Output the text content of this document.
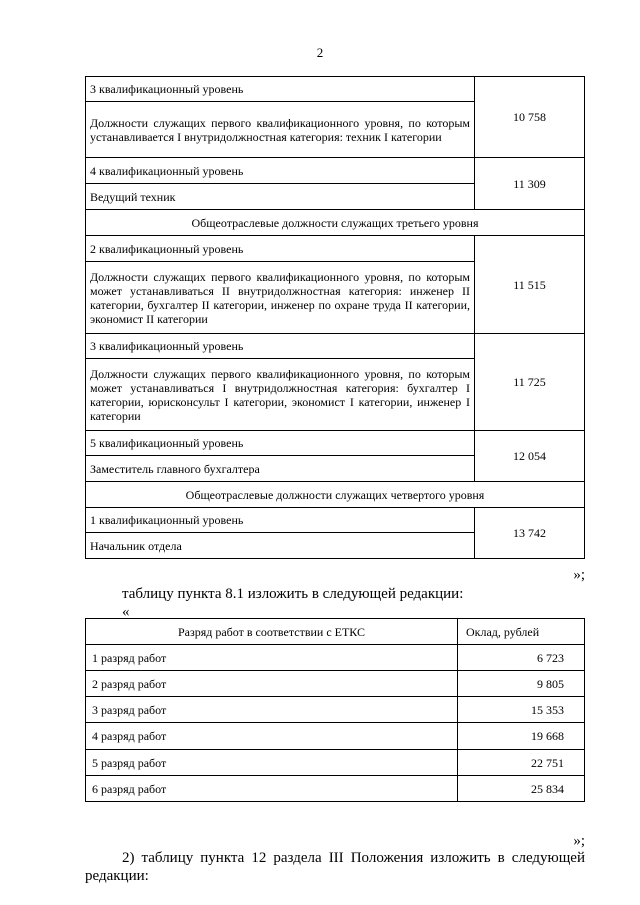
2
3 квалификационный уровень	10 758
Должности служащих первого квалификационного уровня, по которым устанавливается I внутридолжностная категория: техник I категории	
4 квалификационный уровень	11 309
Ведущий техник	
Общеотраслевые должности служащих третьего уровня	
2 квалификационный уровень	11 515
Должности служащих первого квалификационного уровня, по которым может устанавливаться II внутридолжностная категория: инженер II категории, бухгалтер II категории, инженер по охране труда II категории, экономист II категории	
3 квалификационный уровень	11 725
Должности служащих первого квалификационного уровня, по которым может устанавливаться I внутридолжностная категория: бухгалтер I категории, юрисконсульт I категории, экономист I категории, инженер I категории	
5 квалификационный уровень	12 054
Заместитель главного бухгалтера	
Общеотраслевые должности служащих четвертого уровня	
1 квалификационный уровень	13 742
Начальник отдела	
»;
таблицу пункта 8.1 изложить в следующей редакции:
«
Разряд работ в соответствии с ЕТКС	Оклад, рублей
1 разряд работ	6 723
2 разряд работ	9 805
3 разряд работ	15 353
4 разряд работ	19 668
5 разряд работ	22 751
6 разряд работ	25 834
»;
2) таблицу пункта 12 раздела III Положения изложить в следующей редакции:
